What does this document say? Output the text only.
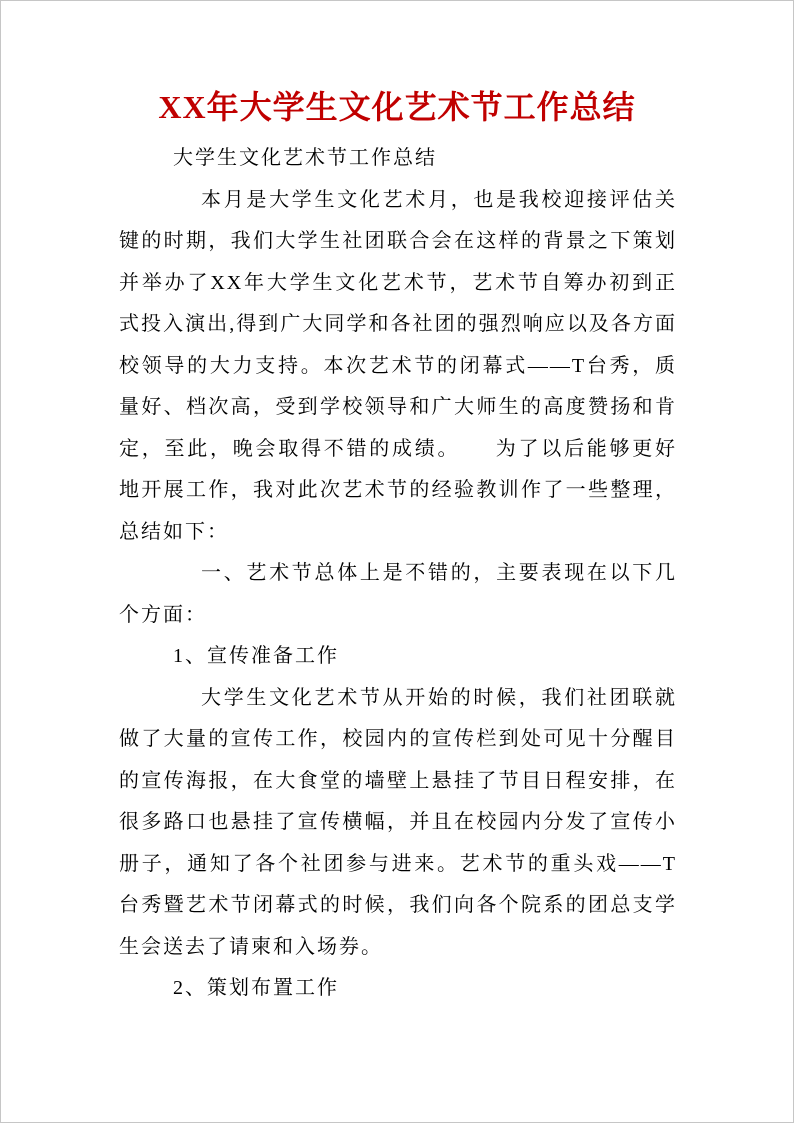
XX年大学生文化艺术节工作总结

大学生文化艺术节工作总结

本月是大学生文化艺术月，也是我校迎接评估关键的时期，我们大学生社团联合会在这样的背景之下策划并举办了XX年大学生文化艺术节，艺术节自筹办初到正式投入演出,得到广大同学和各社团的强烈响应以及各方面校领导的大力支持。本次艺术节的闭幕式——T台秀，质量好、档次高，受到学校领导和广大师生的高度赞扬和肯定，至此，晚会取得不错的成绩。　　为了以后能够更好地开展工作，我对此次艺术节的经验教训作了一些整理，总结如下：

一、艺术节总体上是不错的，主要表现在以下几个方面：

1、宣传准备工作

大学生文化艺术节从开始的时候，我们社团联就做了大量的宣传工作，校园内的宣传栏到处可见十分醒目的宣传海报，在大食堂的墙壁上悬挂了节目日程安排，在很多路口也悬挂了宣传横幅，并且在校园内分发了宣传小册子，通知了各个社团参与进来。艺术节的重头戏——T台秀暨艺术节闭幕式的时候，我们向各个院系的团总支学生会送去了请柬和入场券。

2、策划布置工作
